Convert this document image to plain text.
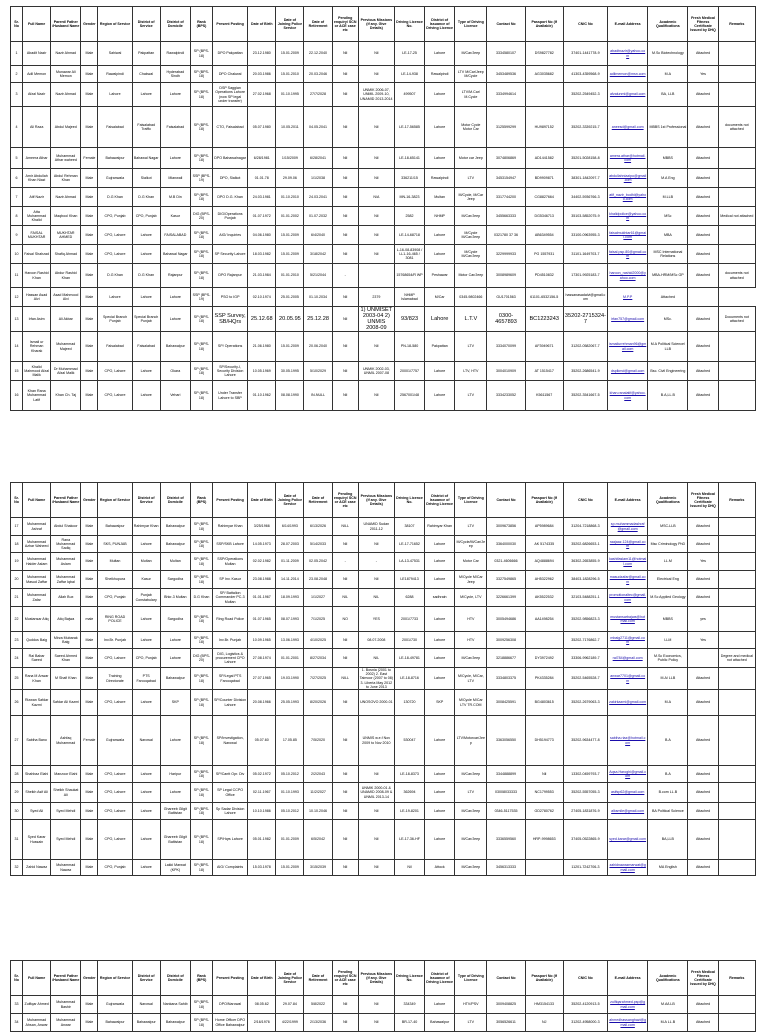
Sr. No	Full Name	Parent/ Father /Husband Name	Gender	Region of Service	District of Service	District of Domicile	Rank (BPS)	Present Posting	Date of Birth	Date of Joining Police Service	Date of Retirement	Pending enquiry/ SCN or ACE case etc	Previous Missions (if any. Give Details)	Driving Licence No.	District of Issuance of Driving Licence	Type of Driving Licence	Contact No	Passport No (If Available)	CNIC No	E-mail Address	Academic Qualifications	Fresh Medical Fitness Certificate Issued by DHQ	Remarks
1	Abadit Nazir	Nazir Ahmad	Male	Sahiwal	Pakpattan	Rawalpindi	SP (BPS-18)	DPO Pakpattan	23.12.1980	15.01.2009	22.12.2040	Nil	Nil	LE-17-25	Lahore	M/Car/Jeep	3334580107	DS9827782	37401-1441778-9	abadtnazir@yahoo.com	M.Sc Biotechnology	Attached	
2	Adil Memon	Munawar Ali Memon	Male	Rawalpindi	Chakwal	Hyderabad Sindh	SP (BPS-18)	DPO Chakwal	20.03.1986	15.01.2010	20.03.2046	Nil	Nil	LE-14-938	Rawalpindi	LTV M/Car/Jeep M/Cycle	3453489536	AG3035682	41303-4359568-9	adilmemon@msn.com	M.A	Yes	
3	Afzal Nazir	Nazir Ahmad	Male	Lahore	Lahore	Lahore	SP (BPS-18)	DSP Saggian Operations Lahore (now SP legal under transfer)	27.02.1968	01.10.1995	27/7/2028	Nil	UNMIK 2006-07, UNMIL 2009-10, UNAMID 2013-2014	499507	Lahore	LTV/M.Car/ M.Cycle	3334994614		35202-2549452-3	afzalunml@gmail.com	BA, LLB	Attached	
4	Ali Raza	Abdul Majeed	Male	Faisalabad	Faisalabad Traffic	Faisalabad	SP (BPS-18)	CTO, Faisalabad	05.07.1980	10.05.2011	04.05.2041	Nil	Nil	LE-17-56585	Lahore	Motor Cycle Motor Car	3125599299	HU9897152	35202-3339215-7	aneesd@gmail.com	MBBS 1st Professional	Attached	documents not attached
5	Ameera Athar	Muhammad Athar waheed	Female	Bahawalpur	Bahawal Nagar	Lahore	SP (BPS-18)	DPO Bahawalnagar	6/28/1981	1/15/2009	6/28/2041	Nil	Nil	LE-18-65141	Lahore	Motor car Jeep	3074806869	AD1441582	35201-5028158-8	amera.athar@hotmail.com	MBBS	Attached	
6	Amir Abdullah Khan Niazi	Abdul Rehman Khan	Male	Gujranwala	Sialkot	Mianwali	SSP (BPS-19)	DPO, Sialkot	01.01.78	29.09.06	1/1/2038	Nil	Nil	336211/15	Rawalpindi	LTV	3453154947	BD9909871	38301-1842097-7	abdullahniazipo@gmail.com	M.A Eng	Attached	
7	Atif Nazir	Nazir Ahmad	Male	D.G Khan	D.G Khan	M.B Din	SP (BPS-18)	DPO D.G. Khan	24.03.1981	01.10.2010	24.03.2041	Nil	N/A	MN-16-3823	Multan	M/Cycle, M/Car Jeep	3317744200	CG8827664	34402-5936766-3	atif_nazir_bodhi@yahoo.com	M.LLB	Attached	
8	Atta Muhammad Khalid	Maqbool Khan	Male	CPO, Punjab	CPO, Punjab	Kasur	DIG (BPS-20)	DIG/Operations Punjab	01.07.1972	01.01.2002	01.07.2032	Nil	Nil	2582	NHMP	M/Car/Jeep	3455663333	DG5346713	35103-5852075-9	khalidpolice@yahoo.com	MSc	Attached	Medical not attached
9	FAISAL MUKHTAR	MUKHTAR AHMED	Male	CPO, Lahore	Lahore	FAISALABAD	SP (BPS-18)	AIG/ Inquiries	04.06.1980	15.01.2009	6/4/2040	Nil	Nil	LE-14-68718	Lahore	M/Cycle M/Car/Jeep	0321780 37 36	AB6349554	33100-0963955-3	faisalmukhtar61@gmail.com	MBA	Attached	
10	Faisal Shahzad	Shafiq Ahmad	Male	CPO, Lahore	Lahore	Bahawal Nagar	SP (BPS-18)	SP Security Lahore	18.03.1982	15.01.2009	3/18/2042	Nil	Nil	L-16-08-83908 / LL1-16-465 / 3081	Lahore	M/Cycle M/Car/Jeep	3229999933	PG 1557931	31101-1649703-7	faisal.psp.80@gmail.com	MSC International Relations	Attached	
11	Haroon Rashid Khan	Abdur Rashid Khan	Male	D.G Khan	D.G Khan	Rajanpur	SP (BPS-18)	DPO Rajanpur	21.03.1984	01.01.2010	5/21/2044	-		15768654/R WP	Peshawar	Motor Car/Jeep	3008989609	PD4510832	17301-9925183-7	haroon_rashid2000@yahoo.com	MBA-HRM/MSc GP	Attached	documents not attached
12	Hassan Asad Alvi	Asad Mahmood Alvi	Male	Lahore	Lahore	Lahore	SSP (BPS-19)	PSO to IGP	02.10.1974	25.01.2005	01.10.2034	Nil	2379	NHMP Islamabad	M/Car	0345-9802466	GU1701563	61101-6532156-5	hassanasadalvi@gmail.com	M.P.P	Attached		
13	Irfan Asim	Ali Akbar	Male	Special Branch Punjab	Special Branch Punjab	Lahore	SP (BPS-18)	SSP Survey, SB/HQrs	25.12.68	20.05.95	25.12.28	Nil	1) UNMISET 2003-04 2) UNMIS 2008-09	93/823	Lahore	L.T.V	0300-4657893	BC1223243	35202-2715324-7	irfan757@gmail.com	MSc.	Attached	Documents not attached
14	Ismail ur Rehman Kharak	Muhammad Majeed	Male	Faisalabad	Faisalabad	Bahawalpur	SP (BPS-18)	SP/ Operations	21.06.1980	15.01.2009	20.06.2040	Nil	Nil	PN-18-580	Pakpattan	LTV	3334070099	AF3949671	31202-0582067-7	ismailurrehman96@gmail.com	M.A Political Science/ LLB	Attached	
15	Khalid Mahmood Afzal Malik	Dr Muhammad Afzal Malik	Male	CPO, Lahore	Lahore	Okara	SP (BPS-18)	SP/Security-I, Security Division Lahore	10.05.1969	30.05.1995	5/10/2029	Nil	UNMIK 2002-03, UNMIL 2007-08	20001/7757	Lahore	LTV, HTV	3004010909	AT 1515417	35202-2686541-9	dsplkmd@gmail.com	Bsc. Civil Engineering	Attached	
16	Khan Rana Muhammad Latif	Khan Ch. Taj	Male	CPO, Lahore	Lahore	Vehari	SP (BPS-18)	Under Transfer Lahore to SBP	01.10.1962	08.08.1990	IN-NULL	Nil	Nil	2567001/48	Lahore	LTV	3334233052	K5611567	35202-3541667-5	khan.ranalatif@yahoo.com	B.A,LL.B	Attached	
Sr. No	Full Name	Parent/ Father /Husband Name	Gender	Region of Service	District of Service	District of Domicile	Rank (BPS)	Present Posting	Date of Birth	Date of Joining Police Service	Date of Retirement	Pending enquiry/ SCN or ACE case etc	Previous Missions (if any. Give Details)	Driving Licence No.	District of Issuance of Driving Licence	Type of Driving Licence	Contact No	Passport No (If Available)	CNIC No	E-mail Address	Academic Qualifications	Fresh Medical Fitness Certificate Issued by DHQ	Remarks
17	Muhammad Ashraf	Abdul Shakoor	Male	Bahawalpur	Rahimyar Khan	Bahawalpur	SP (BPS-18)	Rahimyar Khan	3/25/1966	6/14/1993	6/13/2026	NILL	UNAMID Sudan 2011-12	38107	Rahimyar Khan	LTV	3009673856	AP5989684	31204-7218868-3	sp.muhammadashraf@gmail.com	MSC-LLB	Attached	
18	Muhammad Azhar Waheed	Rana Muhammad Sadiq	Male	SKS, PUNJAB	Lahore	Bahawalpur	SP (BPS-18)	SSP/SKB Lahore	14.05.1973	28.07.2003	5/14/2033	Nil	Nil	LE-17-71652	Lahore	M/Cycle/M/Car/Jeep	3364000030	AK 5174335	35202-6826653-1	raajaaz.124@gmail.com	Msc Criminology PhD	Attached	
19	Muhammad Haider Aslam	Muhammad Aslam	Male	Multan	Multan	Multan	SP (BPS-18)	SSP/Operations Multan	02.02.1982	01.11.2009	02.05.2042	-	-	LA-13-47531	Lahore	Motor Car	0321-4606666	AQ4888694	36302-2653855-9	kashifaslam11@hotmail.com	LL.M	Yes	
20	Muhammad Masud Zaffar	Muhammad Zaffar Iqbal	Male	Sheikhupura	Kasur	Sargodha	SP (BPS-18)	SP Inv. Kasur	23.08.1988	14.11.2014	23.08.2048	Nil	Nil	LE1879413	Lahore	M/Cycle M/Car Jeep	3327549865	AH5322962	38403-1828296-5	masudzafar@gmail.com	Electrical Eng	Attached	
21	Muhammad Zafar	Allah Bux	Male	CPO, Punjab	Punjab Constabulary	Bhkr-3 Multan	D.G Khan	SP/ Battalion Commander PC-3 Multan	01.01.1967	18.09.1993	1/1/2027	NIL	NIL	6288	sadhrain	M/Cycle, LTV	3226661399	AK5522532	32103-5488251-1	promotionaltec@gmail.com	M.Sc Applied Geology	Attached	
22	Mustansar Atiq	Atiq Bajwa	male	RING ROAD POLICE	Lahore	Sargodha	SP (BPS-18)	Ring Road Police	01.07.1965	08.07.1993	7/1/2025	NO	YES	2001/7733	Lahore	HTV	3005494686	AA1498254	35202-9856823-3	mustansarbajwa@hotmail.com	MBBS	yes	
23	Quddus Baig	Mirza Mubarak Baig	Male	Inv.Br. Punjab	Lahore	Lahore	SP (BPS-18)	Inv.Br. Punjab	10.09.1965	13.06.1993	4/10/2025	Nil	08.07.2008	2001/730	Lahore	HTV	3009256308		35202-7176862-7	mbaig2711@gmail.com	LLM	Yes	
24	Rai Babar Saeed	Saeed Ahmed Khan	Male	CPO, Lahore	CPO, Punjab	Lahore	DIG (BPS-20)	DIG, Logistics & procurement CPO Lahore	27.08.1974	01.01.2001	8/27/2034	Nil	NIL	LE-18-49781	Lahore	M/Car/Jeep	3218886677	DY3972492	33306-9962189-7	rai784@gmail.com	M.Sc Economics, Public Policy		Degree and medical not attached
25	Rana M Anwar Khan	M Shafi Khan	Male	Training Directorate	PTS Farooqabad	Bahawalpur	SP (BPS-18)	SP/Legal PTS Farooqabad	27.07.1965	19.03.1990	7/27/2025	NILL	1. Bosnia (2001 to 2002) 2. East Taimoor (2007 to 08) 3. Liberia May 2012 to June 2013	LE-18-8716	Lahore	M/Cycle, M/Car, LTV	3334803375	PK4335284	35202-5465528-7	anwar7701@gmail.com	M.A/ LLB	Attached	
26	Rizwan Safdar Kazmi	Safdar Ali Kazmi	Male	CPO, Lahore	Lahore	SKP	SP (BPS-18)	SP/Counter Division Lahore	20.08.1966	25.05.1993	8/20/2026	Nil	UNOSOVO 2000-01	130720	SKP	M/Cycle M/Car LTV TR.COM	3008425591	BG4803615	35202-2679063-3	zakirkazmi@gmail.com	M.A	Attached	
27	Sabiha Bano	Ashfaq Muhammad	Female	Gujranwala	Narowal	Lahore	SP (BPS-18)	SP/Investigation, Narowal	05.07.60	17.05.85	7/5/2020	Nil	UNMIS w.e.f Nov 2009 to Nov 2010	530047	Lahore	LTV/Motorcar/Jeep	3363056550	DH5194773	35202-9634477-8	sabiha.riaz@hotmail.com	B.A	Attached	
28	Shahbaz Elahi	Manzoor Elahi	Male	CPO, Lahore	Lahore	Haripur	SP (BPS-18)	SP/Cantt Opr. Div	05.02.1972	05.10.2012	2/2/2043	Nil	Nil	LE-18-8373	Lahore	M/Car/Jeep	3344888899	Nil	13302-0459793-7	Aqsa.Haroghi@gmail.com	B.A	Attached	
29	Sheikh Asif Ali	Sheikh Shaukat Ali	Male	CPO, Lahore	Lahore	Lahore	SP (BPS-18)	SP Legal CCPO Office	02.11.1967	01.10.1993	11/2/2027	Nil	UNMIK 2000-01 & UNAMID 2008-09 & UNMIL 2013-14	362694	Lahore	LTV	03008033333	NC1799553	35202-5557055-3	asifsp62@gmail.com	B.com LL.B	Attached	
30	Syed Ali	Syed Mehdi	Male	CPO, Lahore	Lahore	Ghareeb Gilgit Baltistan	SP (BPS-18)	Sp Sadar Division Lahore	10.10.1986	05.10.2012	10.10.2046	Nil	Nil	LE-19-8201	Lahore	M/Car/Jeep	0346-5117535	GD2780762	27405-1831876-9	alksmile@gmail.com	BA Political Science	Attached	
31	Syed Karar Hussain	Syed Mehdi	Male	CPO, Lahore	Lahore	Ghareeb Gilgit Baltistan	SP (BPS-18)	SP/Hqrs Lahore	05.01.1982	01.01.2009	6/5/2042	Nil	Nil	LE-17-36-HF	Lahore	M/Car/Jeep	3336559560	HRP-9998653	37405-0522865-9	syed.karar@gmail.com	BA,LLB	Attached	
32	Zahid Nawaz	Muhammad Nawaz	Male	CPO, Punjab	Lahore	Lakki Marwat (KPK)	SP (BPS-18)	AIG/ Complaints	15.03.1978	15.01.2009	3/15/2039	Nil	Nil	Nil	Attock	M/Car/Jeep	3456313333		11201-7242706-3	zahidnawazmarwat@gmail.com	MA English	Attached	
Sr. No	Full Name	Parent/ Father /Husband Name	Gender	Region of Service	District of Service	District of Domicile	Rank (BPS)	Present Posting	Date of Birth	Date of Joining Police Service	Date of Retirement	Pending enquiry/ SCN or ACE case etc	Previous Missions (if any. Give Details)	Driving Licence No.	District of Issuance of Driving Licence	Type of Driving Licence	Contact No	Passport No (If Available)	CNIC No	E-mail Address	Academic Qualifications	Fresh Medical Fitness Certificate Issued by DHQ	Remarks
33	Zulfiqar Ahmed	Muhammad Bashir	Male	Gujranwala	Narowal	Nankana Sahib	SP (BPS-18)	DPO/Narowal	08.05.62	29.07.84	5/8/2022	Nil	Nil	334349	Lahore	HTV/PSV	3009408825	HM3154133	35202-4120913-5	zulfiqarahmed.psp@gmail.com	M.A/LLB	Attached	
34	Muhammad Ahsan, Anwar	Muhammad Anwar	Male	Bahawalpur	Bahawalpur	Bahawalpur	SP (BPS-18)	Home Officer DPO Office Bahawalpur	2/16/1976	4/22/1999	2/13/2036	Nil	Nil	BR-17-40	Bahawalpur	LTV	3056526611	NJ	31202-4958000-3	ahmedhassanghazi@gmail.com	M.A LL.B	Attached	
